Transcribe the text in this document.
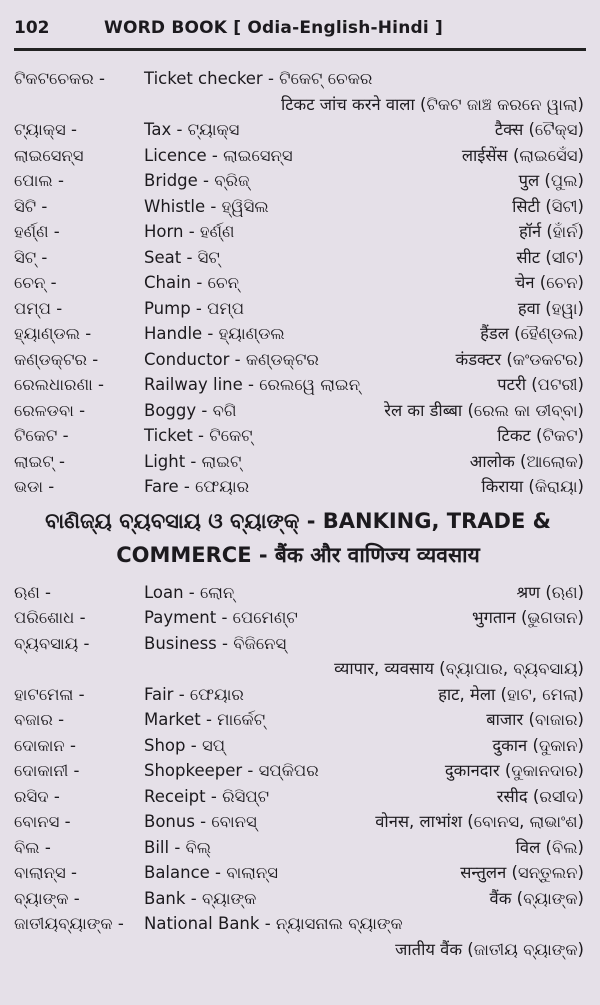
102	WORD BOOK [ Odia-English-Hindi ]
ଟିକଟଚେକର - Ticket checker - ଟିକେଟ୍ ଚେକର
टिकट जांच करने वाला (ଟିକଟ ଜାଞ୍ଚ କରନେ ୱାଲା)
ଟ୍ୟାକ୍ସ -	Tax - ଟ୍ୟାକ୍ସ	टैक्स (ଟୈକ୍ସ)
ଲାଇସେନ୍ସ	Licence - ଲାଇସେନ୍ସ	लाईसेंस (ଲାଇସେଁସ)
ପୋଲ -	Bridge - ବ୍ରିଜ୍	पुल (ପୁଲ)
ସିଟି -	Whistle - ହ୍ୱିସିଲ	सिटी (ସିଟୀ)
ହର୍ଣ୍ଣ -	Horn - ହର୍ଣ୍ଣ	हॉर्न (ହାଁର୍ନ)
ସିଟ୍ -	Seat - ସିଟ୍	सीट (ସୀଟ)
ଚେନ୍ -	Chain - ଚେନ୍	चेन (ଚେନ)
ପମ୍ପ -	Pump - ପମ୍ପ	हवा (ହୱା)
ହ୍ୟାଣ୍ଡଲ -	Handle - ହ୍ୟାଣ୍ଡଲ	हैंडल (ହୈଣ୍ଡଲ)
କଣ୍ଡକ୍ଟର -	Conductor - କଣ୍ଡକ୍ଟର	कंडक्टर (କଂଡକଟର)
ରେଲଧାରଣା - Railway line - ରେଲୱେ ଲାଇନ୍	पटरी (ପଟରୀ)
ରେଳଡବା -	Boggy - ବଗି	रेल का डीब्बा (ରେଲ କା ଡୀବ୍ବା)
ଟିକେଟ -	Ticket - ଟିକେଟ୍	टिकट (ଟିକଟ)
ଲାଇଟ୍ -	Light - ଲାଇଟ୍	आलोक (ଆଲୋକ)
ଭଡା -	Fare - ଫେୟାର	किराया (କିରାୟା)
ବାଣିଜ୍ୟ ବ୍ୟବସାୟ ଓ ବ୍ୟାଙ୍କ୍ - BANKING, TRADE &
COMMERCE - बैंक और वाणिज्य व्यवसाय
ଋଣ -	Loan - ଲୋନ୍	श्रण (ଋଣ)
ପରିଶୋଧ -	Payment - ପେମେଣ୍ଟ	भुगतान (ଭୁଗତାନ)
ବ୍ୟବସାୟ -	Business - ବିଜିନେସ୍
व्यापार, व्यवसाय (ବ୍ୟାପାର, ବ୍ୟବସାୟ)
ହାଟମେଳା -	Fair - ଫେୟାର	हाट, मेला (ହାଟ, ମେଲା)
ବଜାର -	Market - ମାର୍କେଟ୍	बाजार (ବାଜାର)
ଦୋକାନ -	Shop - ସପ୍	दुकान (ଦୁକାନ)
ଦୋକାନୀ -	Shopkeeper - ସପ୍‌କିପର	दुकानदार (ଦୁକାନଦାର)
ରସିଦ -	Receipt - ରିସିପ୍ଟ	रसीद (ରସୀଦ)
ବୋନସ -	Bonus - ବୋନସ୍	वोनस, लाभांश (ବୋନସ, ଲାଭାଂଶ)
ବିଲ -	Bill - ବିଲ୍	विल (ବିଲ)
ବାଲାନ୍ସ -	Balance - ବାଲାନ୍ସ	सन्तुलन (ସନ୍ତୁଲନ)
ବ୍ୟାଙ୍କ -	Bank - ବ୍ୟାଙ୍କ	वैंक (ବ୍ୟାଙ୍କ)
ଜାତୀୟବ୍ୟାଙ୍କ - National Bank - ନ୍ୟାସନାଲ ବ୍ୟାଙ୍କ
जातीय वैंक (ଜାତୀୟ ବ୍ୟାଙ୍କ)
